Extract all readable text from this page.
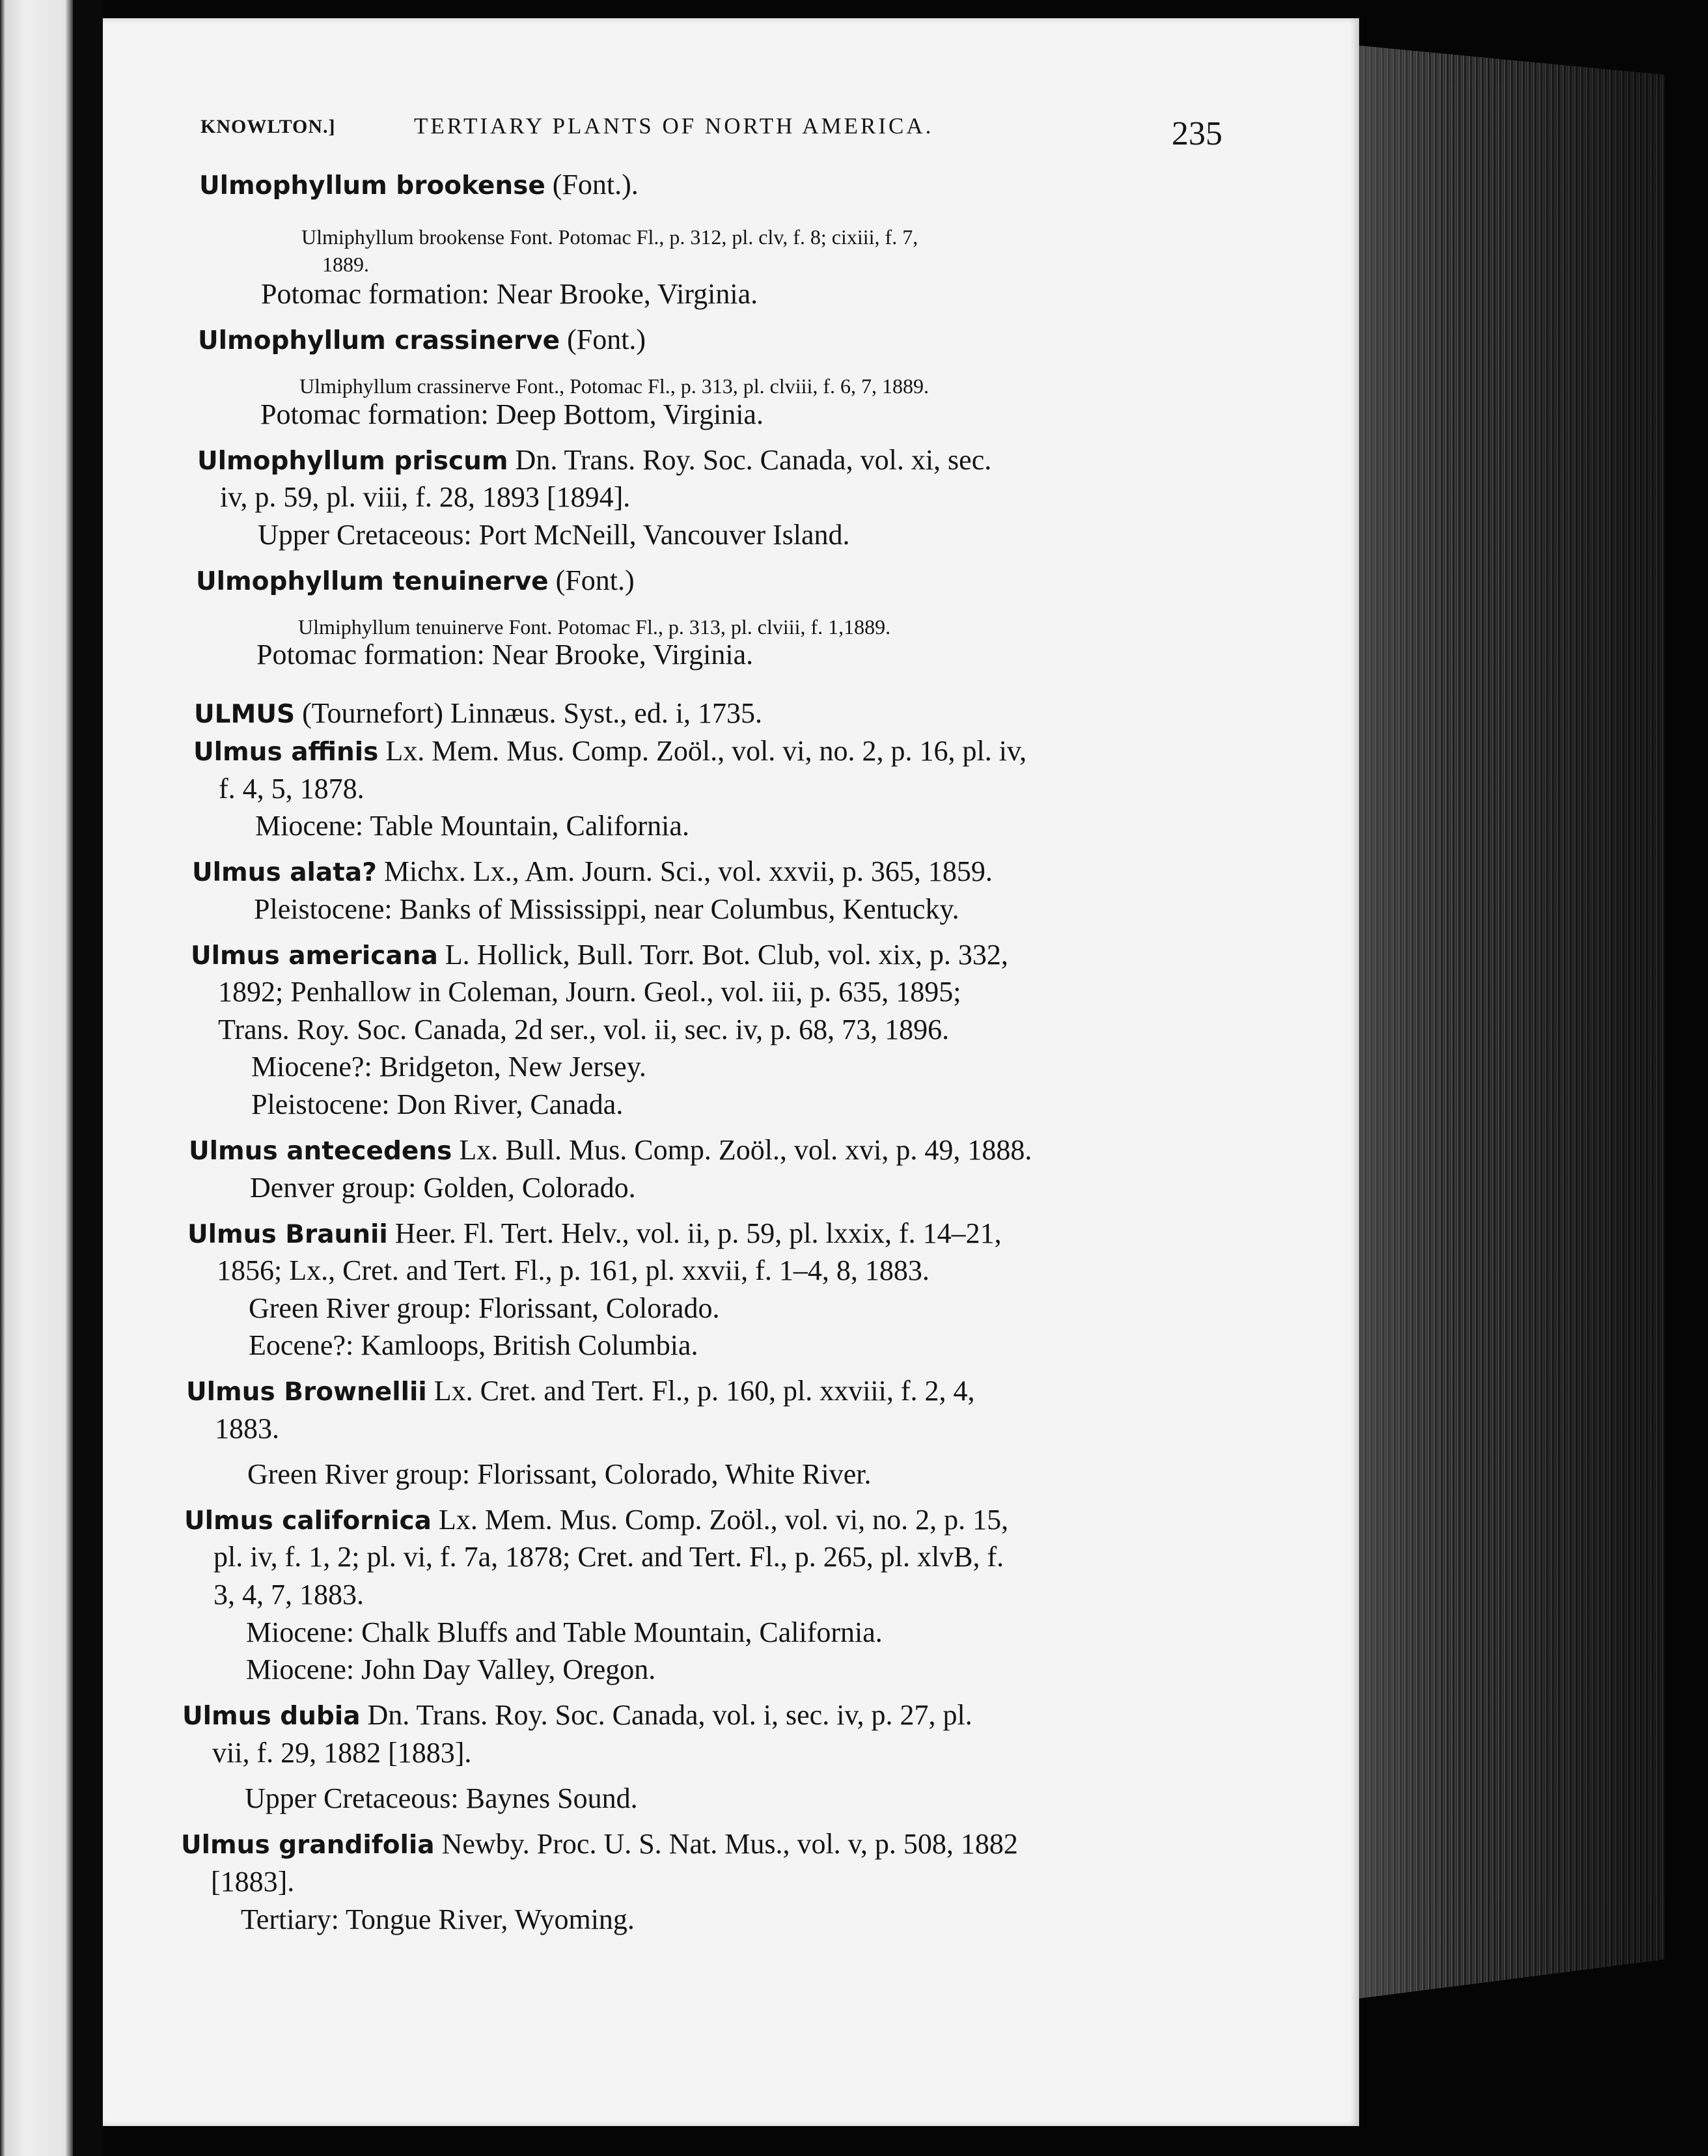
KNOWLTON.]	TERTIARY PLANTS OF NORTH AMERICA.	235

Ulmophyllum brookense (Font.).

Ulmiphyllum brookense Font. Potomac Fl., p. 312, pl. clv, f. 8; cixiii, f. 7,

1889.

Potomac formation: Near Brooke, Virginia.

Ulmophyllum crassinerve (Font.)

Ulmiphyllum crassinerve Font., Potomac Fl., p. 313, pl. clviii, f. 6, 7, 1889.

Potomac formation: Deep Bottom, Virginia.

Ulmophyllum priscum Dn. Trans. Roy. Soc. Canada, vol. xi, sec.

iv, p. 59, pl. viii, f. 28, 1893 [1894].

Upper Cretaceous: Port McNeill, Vancouver Island.

Ulmophyllum tenuinerve (Font.)

Ulmiphyllum tenuinerve Font. Potomac Fl., p. 313, pl. clviii, f. 1,1889.

Potomac formation: Near Brooke, Virginia.

ULMUS (Tournefort) Linnæus. Syst., ed. i, 1735.

Ulmus affinis Lx. Mem. Mus. Comp. Zoöl., vol. vi, no. 2, p. 16, pl. iv,

f. 4, 5, 1878.

Miocene: Table Mountain, California.

Ulmus alata? Michx. Lx., Am. Journ. Sci., vol. xxvii, p. 365, 1859.

Pleistocene: Banks of Mississippi, near Columbus, Kentucky.

Ulmus americana L. Hollick, Bull. Torr. Bot. Club, vol. xix, p. 332,

1892; Penhallow in Coleman, Journ. Geol., vol. iii, p. 635, 1895;

Trans. Roy. Soc. Canada, 2d ser., vol. ii, sec. iv, p. 68, 73, 1896.

Miocene?: Bridgeton, New Jersey.

Pleistocene: Don River, Canada.

Ulmus antecedens Lx. Bull. Mus. Comp. Zoöl., vol. xvi, p. 49, 1888.

Denver group: Golden, Colorado.

Ulmus Braunii Heer. Fl. Tert. Helv., vol. ii, p. 59, pl. lxxix, f. 14–21,

1856; Lx., Cret. and Tert. Fl., p. 161, pl. xxvii, f. 1–4, 8, 1883.

Green River group: Florissant, Colorado.

Eocene?: Kamloops, British Columbia.

Ulmus Brownellii Lx. Cret. and Tert. Fl., p. 160, pl. xxviii, f. 2, 4,

1883.

Green River group: Florissant, Colorado, White River.

Ulmus californica Lx. Mem. Mus. Comp. Zoöl., vol. vi, no. 2, p. 15,

pl. iv, f. 1, 2; pl. vi, f. 7a, 1878; Cret. and Tert. Fl., p. 265, pl. xlvB, f.

3, 4, 7, 1883.

Miocene: Chalk Bluffs and Table Mountain, California.

Miocene: John Day Valley, Oregon.

Ulmus dubia Dn. Trans. Roy. Soc. Canada, vol. i, sec. iv, p. 27, pl.

vii, f. 29, 1882 [1883].

Upper Cretaceous: Baynes Sound.

Ulmus grandifolia Newby. Proc. U. S. Nat. Mus., vol. v, p. 508, 1882

[1883].

Tertiary: Tongue River, Wyoming.
